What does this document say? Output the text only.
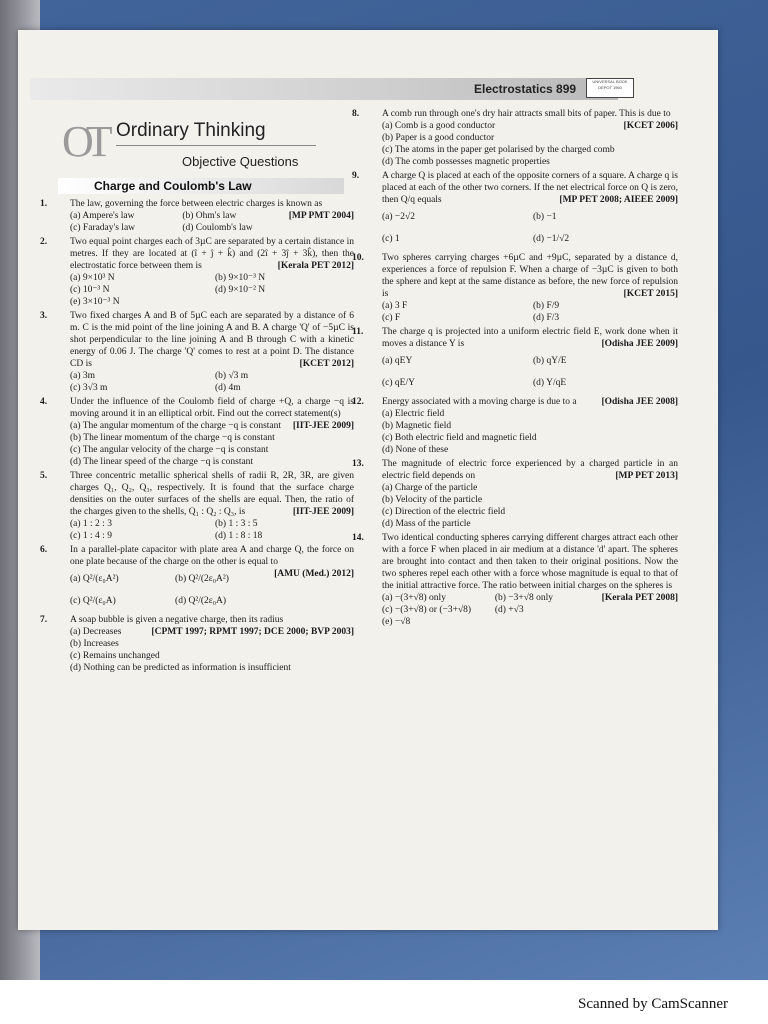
Electrostatics 899
UNIVERSAL BOOK DEPOT 1960
OT Ordinary Thinking
Objective Questions
Charge and Coulomb's Law
1.	The law, governing the force between electric charges is known as
[MP PMT 2004]
(a) Ampere's law	(b) Ohm's law
(c) Faraday's law	(d) Coulomb's law
2.	Two equal point charges each of 3µC are separated by a certain distance in metres. If they are located at (î + ĵ + k̂) and (2î + 3ĵ + 3k̂), then the electrostatic force between them is	[Kerala PET 2012]
(a) 9×10³ N	(b) 9×10⁻³ N
(c) 10⁻³ N	(d) 9×10⁻² N
(e) 3×10⁻³ N
3.	Two fixed charges A and B of 5µC each are separated by a distance of 6 m. C is the mid point of the line joining A and B. A charge 'Q' of −5µC is shot perpendicular to the line joining A and B through C with a kinetic energy of 0.06 J. The charge 'Q' comes to rest at a point D. The distance CD is	[KCET 2012]
(a) 3m	(b) √3 m
(c) 3√3 m	(d) 4m
4.	Under the influence of the Coulomb field of charge +Q, a charge −q is moving around it in an elliptical orbit. Find out the correct statement(s)
[IIT-JEE 2009]
(a) The angular momentum of the charge −q is constant
(b) The linear momentum of the charge −q is constant
(c) The angular velocity of the charge −q is constant
(d) The linear speed of the charge −q is constant
5.	Three concentric metallic spherical shells of radii R, 2R, 3R, are given charges Q₁, Q₂, Q₃, respectively. It is found that the surface charge densities on the outer surfaces of the shells are equal. Then, the ratio of the charges given to the shells, Q₁ : Q₂ : Q₃, is	[IIT-JEE 2009]
(a) 1 : 2 : 3	(b) 1 : 3 : 5
(c) 1 : 4 : 9	(d) 1 : 8 : 18
6.	In a parallel-plate capacitor with plate area A and charge Q, the force on one plate because of the charge on the other is equal to
[AMU (Med.) 2012]
(a) Q²/(ε₀A²)	(b) Q²/(2ε₀A²)
(c) Q²/(ε₀A)	(d) Q²/(2ε₀A)
7.	A soap bubble is given a negative charge, then its radius
[CPMT 1997; RPMT 1997; DCE 2000; BVP 2003]
(a) Decreases
(b) Increases
(c) Remains unchanged
(d) Nothing can be predicted as information is insufficient
8.	A comb run through one's dry hair attracts small bits of paper. This is due to
[KCET 2006]
(a) Comb is a good conductor
(b) Paper is a good conductor
(c) The atoms in the paper get polarised by the charged comb
(d) The comb possesses magnetic properties
9.	A charge Q is placed at each of the opposite corners of a square. A charge q is placed at each of the other two corners. If the net electrical force on Q is zero, then Q/q equals	[MP PET 2008; AIEEE 2009]
(a) −2√2	(b) −1
(c) 1	(d) −1/√2
10.	Two spheres carrying charges +6µC and +9µC, separated by a distance d, experiences a force of repulsion F. When a charge of −3µC is given to both the sphere and kept at the same distance as before, the new force of repulsion is	[KCET 2015]
(a) 3 F	(b) F/9
(c) F	(d) F/3
11.	The charge q is projected into a uniform electric field E, work done when it moves a distance Y is	[Odisha JEE 2009]
(a) qEY	(b) qY/E
(c) qE/Y	(d) Y/qE
12.	Energy associated with a moving charge is due to a	[Odisha JEE 2008]
(a) Electric field
(b) Magnetic field
(c) Both electric field and magnetic field
(d) None of these
13.	The magnitude of electric force experienced by a charged particle in an electric field depends on	[MP PET 2013]
(a) Charge of the particle
(b) Velocity of the particle
(c) Direction of the electric field
(d) Mass of the particle
14.	Two identical conducting spheres carrying different charges attract each other with a force F when placed in air medium at a distance 'd' apart. The spheres are brought into contact and then taken to their original positions. Now the two spheres repel each other with a force whose magnitude is equal to that of the initial attractive force. The ratio between initial charges on the spheres is
[Kerala PET 2008]
(a) −(3+√8) only	(b) −3+√8 only
(c) −(3+√8) or (−3+√8)	(d) +√3
(e) −√8
Scanned by CamScanner
